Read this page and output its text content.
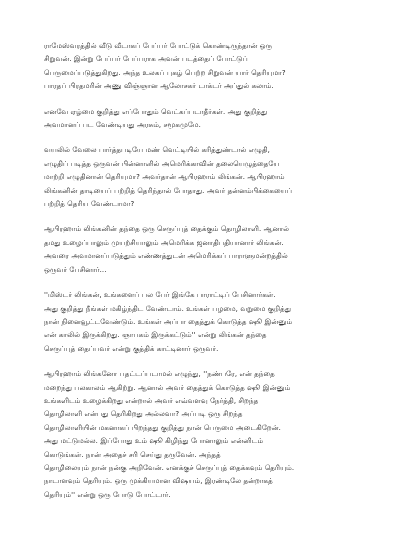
ராமேஸ்வரத்தில் வீடு வீடாகப் பேப்பர் போட்டுக் கொண்டிருந்தான் ஒரு
சிறுவன். இன்று பேப்பர் பேப்பராக அவன் படத்தைப் போட்டுப்
பெருமைப்படுத்துகிறது. அந்த உலகப் புகழ் பெற்ற சிறுவன் யார் தெரியுமா?
பாரதப் பிரதமரின் அணு விஞ்ஞான ஆலோசகர் டாக்டர் அப்துல் கலாம்.

எனவே ஏழ்மை குறித்து எப்போதும் வெட்கப்படாதீர்கள். அது குறித்து
அவமானப் பட வேண்டியது அரசும், சமூகமுமே.

வயலில் வேலை பார்த்தபடியே மண் வெட்டியில் கரித்துண்டால் எழுதி,
எழுதிப் படித்த ஒருவன் பின்னாளில் அமெரிக்காவின் தலையெழுத்தையே
மாற்றி எழுதினான் தெரியுமா? அவர்தான் ஆபிரஹாம் லிங்கன். ஆபிரஹாம்
லிங்கனின் தாடியைப் பற்றித் தெரிந்தால் போதாது. அவர் தன்னம்பிக்கையைப்
பற்றித் தெரிய வேண்டாமா?

ஆபிரஹாம் லிங்கனின் தந்தை ஒரு செருப்புத் தைக்கும் தொழிலாளி. ஆனால்
தமது உழைப்பாலும் முயற்சியாலும் அமெரிக்க ஜனாதிபதியானார் லிங்கன்.
அவரை அவமானப்படுத்தும் எண்ணத்துடன் அமெரிக்கப் பாராளுமன்றத்தில்
ஒருவர் பேசினார்...

''மிஸ்டர் லிங்கன், உங்களைப் பல பேர் இங்கே பாராட்டிப் பேசினார்கள்.
அது குறித்து நீங்கள் மகிழ்ந்திட வேண்டாம். உங்கள் பழமை, வறுமை குறித்து
நான் நினைவூட்டவேண்டும். உங்கள் அப்பா தைத்துக் கொடுத்த ஷூ இன்னும்
என் காலில் இருக்கிறது. ஞாபகம் இருக்கட்டும்'' என்று லிங்கன் தந்தை
செருப்புத் தைப்பவர் என்று குத்திக் காட்டினார் ஒருவர்.

ஆபிரஹாம் லிங்கனோ பதட்டப்படாமல் எழுந்து, ''நண்பரே, என் தந்தை
மறைந்து பலகாலம் ஆகிற்று. ஆனால் அவர் தைத்துக் கொடுத்த ஷூ இன்னும்
உங்களிடம் உழைக்கிறது என்றால் அவர் எவ்வளவு நேர்த்தி, சிறந்த
தொழிலாளி என்பது தெரிகிறது அல்லவா? அப்படி ஒரு சிறந்த
தொழிலாளியின் மகனாகப் பிறந்தது குறித்து நான் பெருமை அடைகிறேன்.
அது மட்டுமல்ல. இப்போது உம் ஷூ கிழிந்து போனாலும் என்னிடம்
கொடுங்கள். நான் அதைச் சரி செய்து தருவேன். அந்தத்
தொழிலையும் நான் நன்கு அறிவேன். எனக்குச் செருப்புத் தைக்கவும் தெரியும்.
நாடாளவும் தெரியும். ஒரு முக்கியமான விஷயம், இரண்டிலே தன்றாகத்
தெரியும்'' என்று ஒரு போடு போட்டார்.
